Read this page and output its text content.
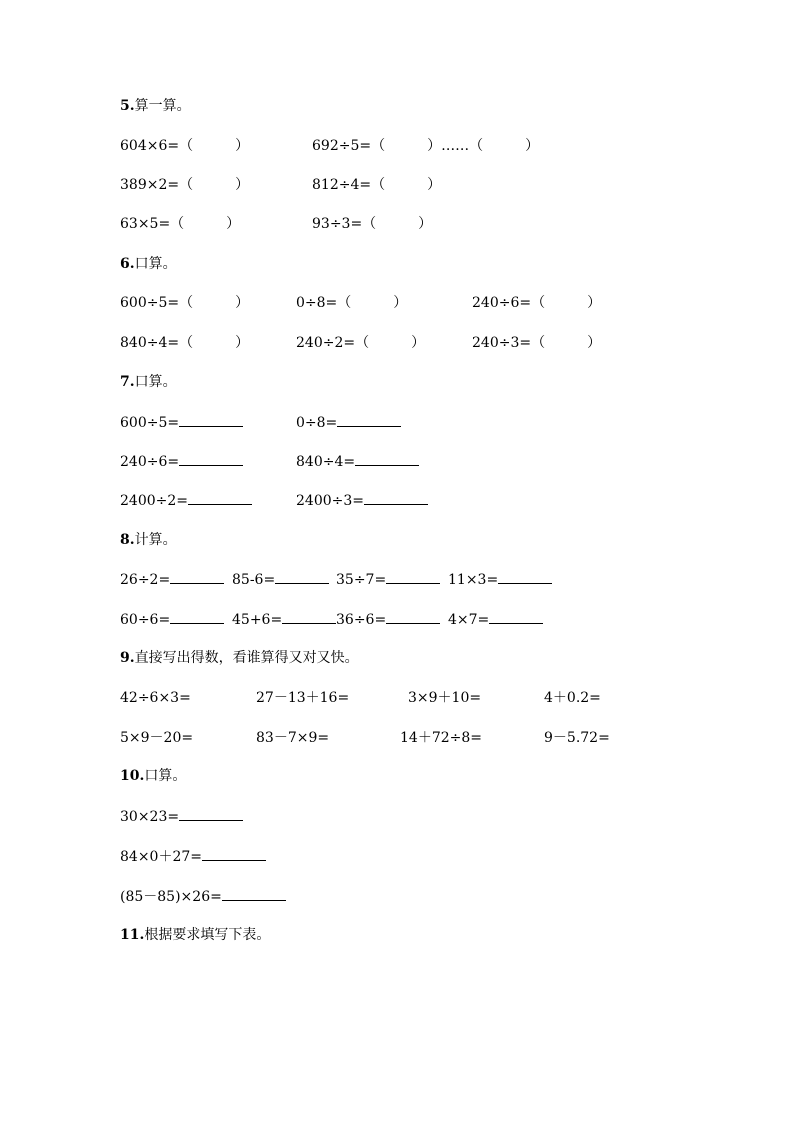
5.算一算。
604×6=（　　　）	692÷5=（　　　）……（　　　）
389×2=（　　　）	812÷4=（　　　）
63×5=（　　　）	93÷3=（　　　）
6.口算。
600÷5=（　　　）	0÷8=（　　　）	240÷6=（　　　）
840÷4=（　　　）	240÷2=（　　　）	240÷3=（　　　）
7.口算。
600÷5=	0÷8=
240÷6=	840÷4=
2400÷2=	2400÷3=
8.计算。
26÷2=	85-6=	35÷7=	11×3=
60÷6=	45+6=	36÷6=	4×7=
9.直接写出得数，看谁算得又对又快。
42÷6×3=	27－13＋16=	3×9＋10=	4＋0.2=
5×9－20=	83－7×9=	14＋72÷8=	9－5.72=
10.口算。
30×23=
84×0＋27=
(85－85)×26=
11.根据要求填写下表。
